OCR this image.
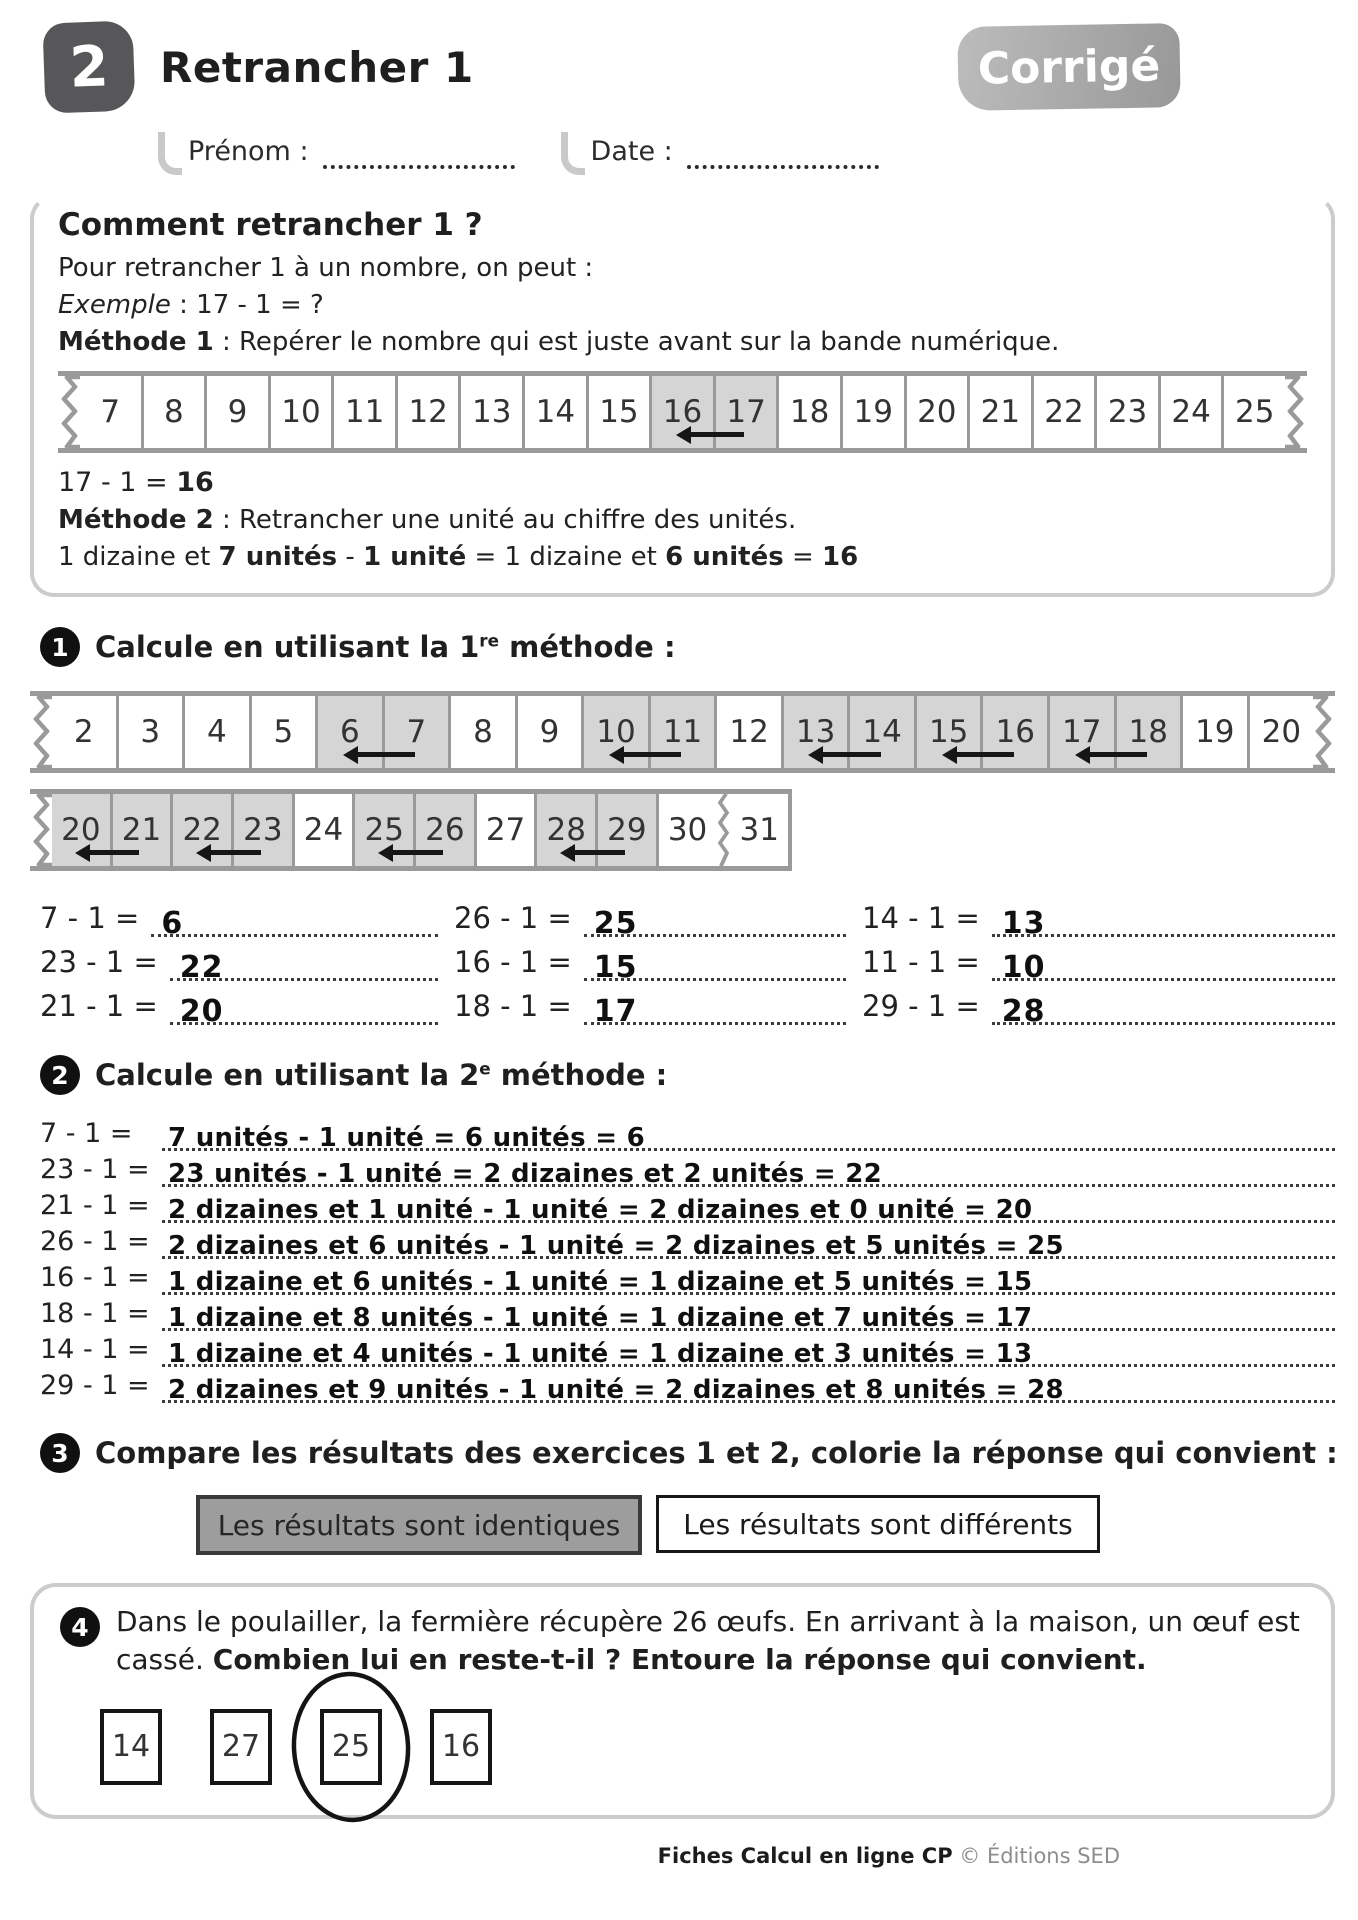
2	Retrancher 1	Corrigé
Prénom :	Date :
Comment retrancher 1 ?

Pour retrancher 1 à un nombre, on peut :

Exemple : 17 - 1 = ?

Méthode 1 : Repérer le nombre qui est juste avant sur la bande numérique.

7 8 9 10 11 12 13 14 15 16 17 18 19 20 21 22 23 24 25

17 - 1 = 16

Méthode 2 : Retrancher une unité au chiffre des unités.

1 dizaine et 7 unités - 1 unité = 1 dizaine et 6 unités = 16

1 Calcule en utilisant la 1re méthode :
2 3 4 5 6 7 8 9 10 11 12 13 14 15 16 17 18 19 20
20 21 22 23 24 25 26 27 28 29 30 31
7 - 1 = 6	26 - 1 = 25	14 - 1 = 13
23 - 1 = 22	16 - 1 = 15	11 - 1 = 10
21 - 1 = 20	18 - 1 = 17	29 - 1 = 28
2 Calcule en utilisant la 2e méthode :
7 - 1 =	7 unités - 1 unité = 6 unités = 6
23 - 1 = 23 unités - 1 unité = 2 dizaines et 2 unités = 22
21 - 1 = 2 dizaines et 1 unité - 1 unité = 2 dizaines et 0 unité = 20
26 - 1 = 2 dizaines et 6 unités - 1 unité = 2 dizaines et 5 unités = 25
16 - 1 = 1 dizaine et 6 unités - 1 unité = 1 dizaine et 5 unités = 15
18 - 1 = 1 dizaine et 8 unités - 1 unité = 1 dizaine et 7 unités = 17
14 - 1 = 1 dizaine et 4 unités - 1 unité = 1 dizaine et 3 unités = 13
29 - 1 = 2 dizaines et 9 unités - 1 unité = 2 dizaines et 8 unités = 28
3 Compare les résultats des exercices 1 et 2, colorie la réponse qui convient :
Les résultats sont identiques	Les résultats sont différents
4 Dans le poulailler, la fermière récupère 26 œufs. En arrivant à la maison, un œuf est cassé. Combien lui en reste-t-il ? Entoure la réponse qui convient.

14	27	25	16
Fiches Calcul en ligne CP © Éditions SED
